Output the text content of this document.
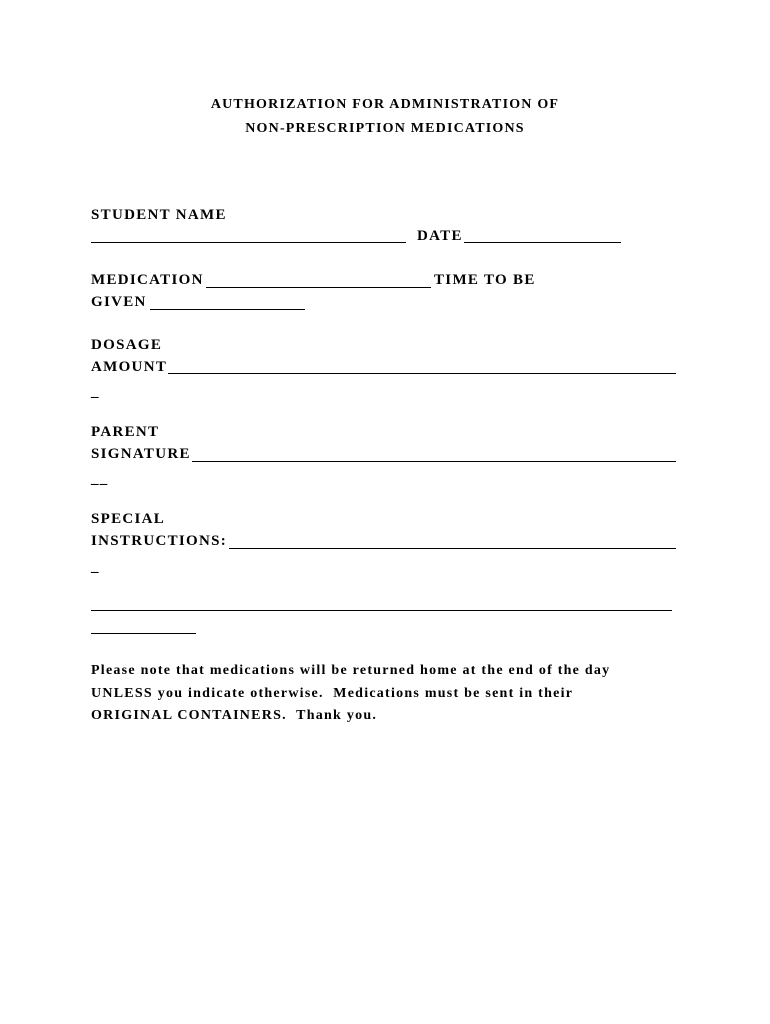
AUTHORIZATION FOR ADMINISTRATION OF

NON-PRESCRIPTION MEDICATIONS

STUDENT NAME

DATE

MEDICATION	TIME TO BE

GIVEN

DOSAGE

AMOUNT

_

PARENT

SIGNATURE

__

SPECIAL

INSTRUCTIONS:

_

Please note that medications will be returned home at the end of the day

UNLESS you indicate otherwise.  Medications must be sent in their

ORIGINAL CONTAINERS.  Thank you.
